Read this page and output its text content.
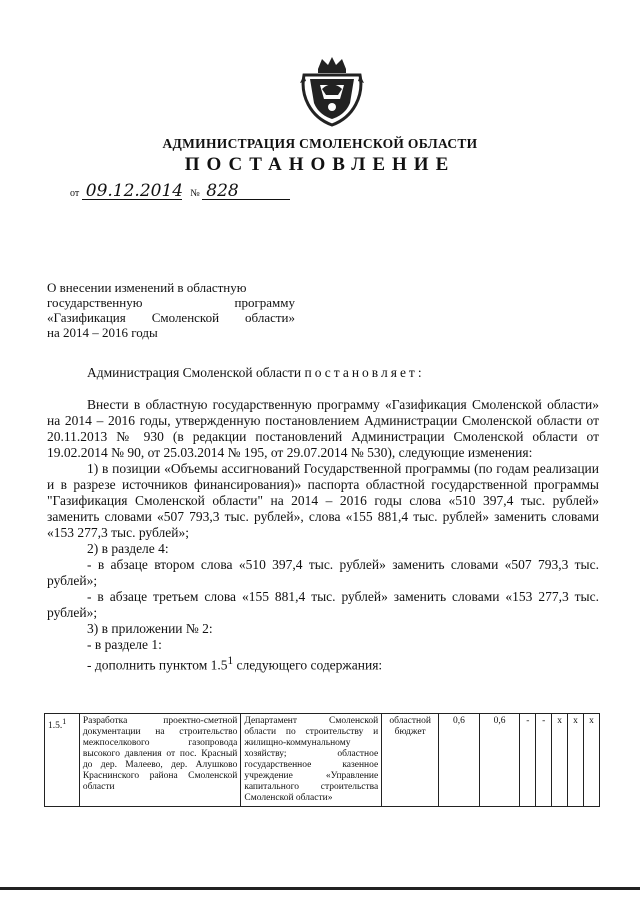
АДМИНИСТРАЦИЯ СМОЛЕНСКОЙ ОБЛАСТИ
ПОСТАНОВЛЕНИЕ
от 09.12.2014 № 828
О внесении изменений в областную
государственную программу
«Газификация Смоленской области»
на 2014 – 2016 годы

Администрация Смоленской области постановляет:

Внести в областную государственную программу «Газификация Смоленской области» на 2014 – 2016 годы, утвержденную постановлением Администрации Смоленской области от 20.11.2013 № 930 (в редакции постановлений Администрации Смоленской области от 19.02.2014 № 90, от 25.03.2014 № 195, от 29.07.2014 № 530), следующие изменения:

1) в позиции «Объемы ассигнований Государственной программы (по годам реализации и в разрезе источников финансирования)» паспорта областной государственной программы "Газификация Смоленской области" на 2014 – 2016 годы слова «510 397,4 тыс. рублей» заменить словами «507 793,3 тыс. рублей», слова «155 881,4 тыс. рублей» заменить словами «153 277,3 тыс. рублей»;

2) в разделе 4:

- в абзаце втором слова «510 397,4 тыс. рублей» заменить словами «507 793,3 тыс. рублей»;

- в абзаце третьем слова «155 881,4 тыс. рублей» заменить словами «153 277,3 тыс. рублей»;

3) в приложении № 2:

- в разделе 1:

- дополнить пунктом $1.5^1$ следующего содержания:

1.5.$^1$	Разработка проектно-сметной документации на строительство межпоселкового газопровода высокого давления от пос. Красный до дер. Малеево, дер. Алушково Краснинского района Смоленской области	Департамент Смоленской области по строительству и жилищно-коммунальному хозяйству; областное государственное казенное учреждение «Управление капитального строительства Смоленской области»	областной бюджет	0,6	0,6	-	-	х	х	х
